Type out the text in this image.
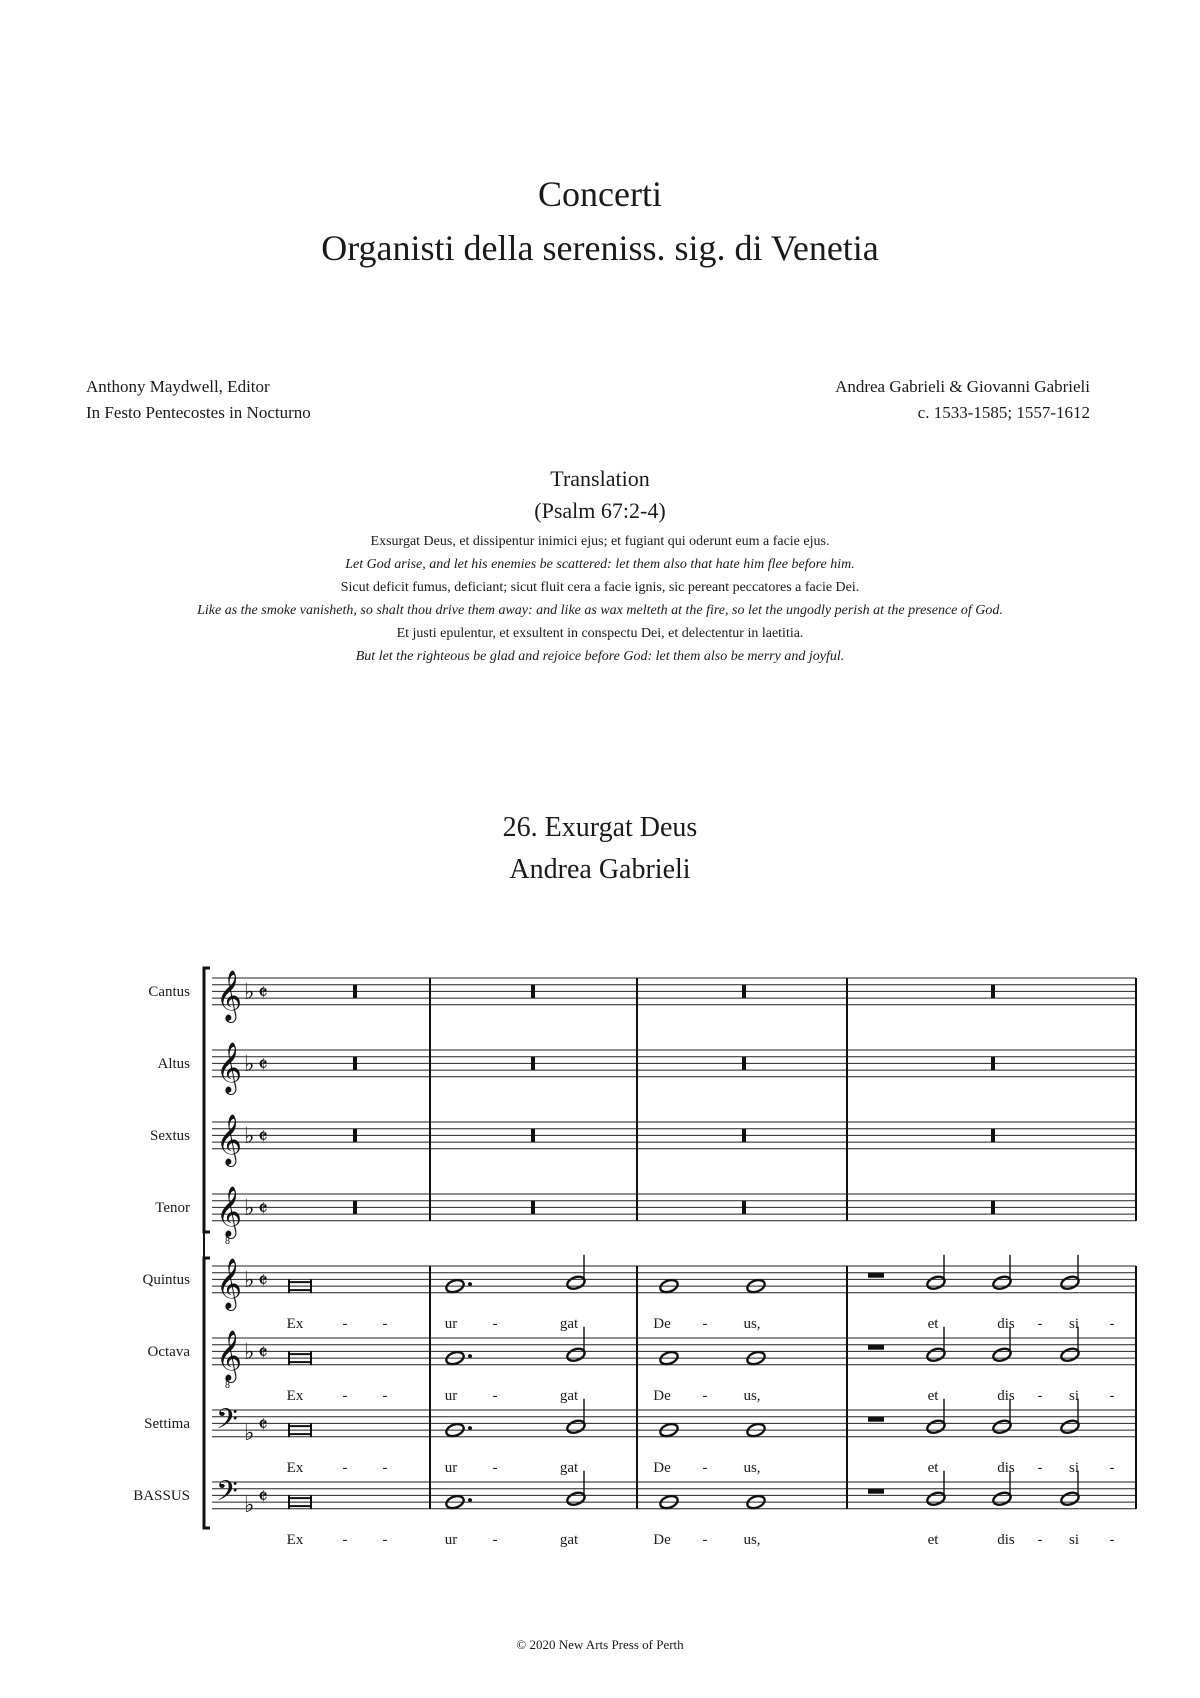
Concerti
Organisti della sereniss. sig. di Venetia
Anthony Maydwell, Editor
In Festo Pentecostes in Nocturno
Andrea Gabrieli & Giovanni Gabrieli
c. 1533-1585; 1557-1612
Translation
(Psalm 67:2-4)
Exsurgat Deus, et dissipentur inimici ejus; et fugiant qui oderunt eum a facie ejus.
Let God arise, and let his enemies be scattered: let them also that hate him flee before him.
Sicut deficit fumus, deficiant; sicut fluit cera a facie ignis, sic pereant peccatores a facie Dei.
Like as the smoke vanisheth, so shalt thou drive them away: and like as wax melteth at the fire, so let the ungodly perish at the presence of God.
Et justi epulentur, et exsultent in conspectu Dei, et delectentur in laetitia.
But let the righteous be glad and rejoice before God: let them also be merry and joyful.
26. Exurgat Deus
Andrea Gabrieli
Cantus 𝄞 ♭ 𝄵
Altus 𝄞 ♭ 𝄵
Sextus 𝄞 ♭ 𝄵
Tenor 𝄞
8
♭ 𝄵
Quintus 𝄞 ♭ 𝄵
Ex	- -	ur -	gat	De - us,	et	dis - si -
Octava 𝄞
8
♭ 𝄵
Ex	- -	ur -	gat	De - us,	et	dis - si -
Settima 𝄢 ♭ 𝄵
Ex	- -	ur -	gat	De - us,	et	dis - si -
BASSUS 𝄢 ♭ 𝄵
Ex	- -	ur -	gat	De - us,	et	dis - si -
© 2020 New Arts Press of Perth
